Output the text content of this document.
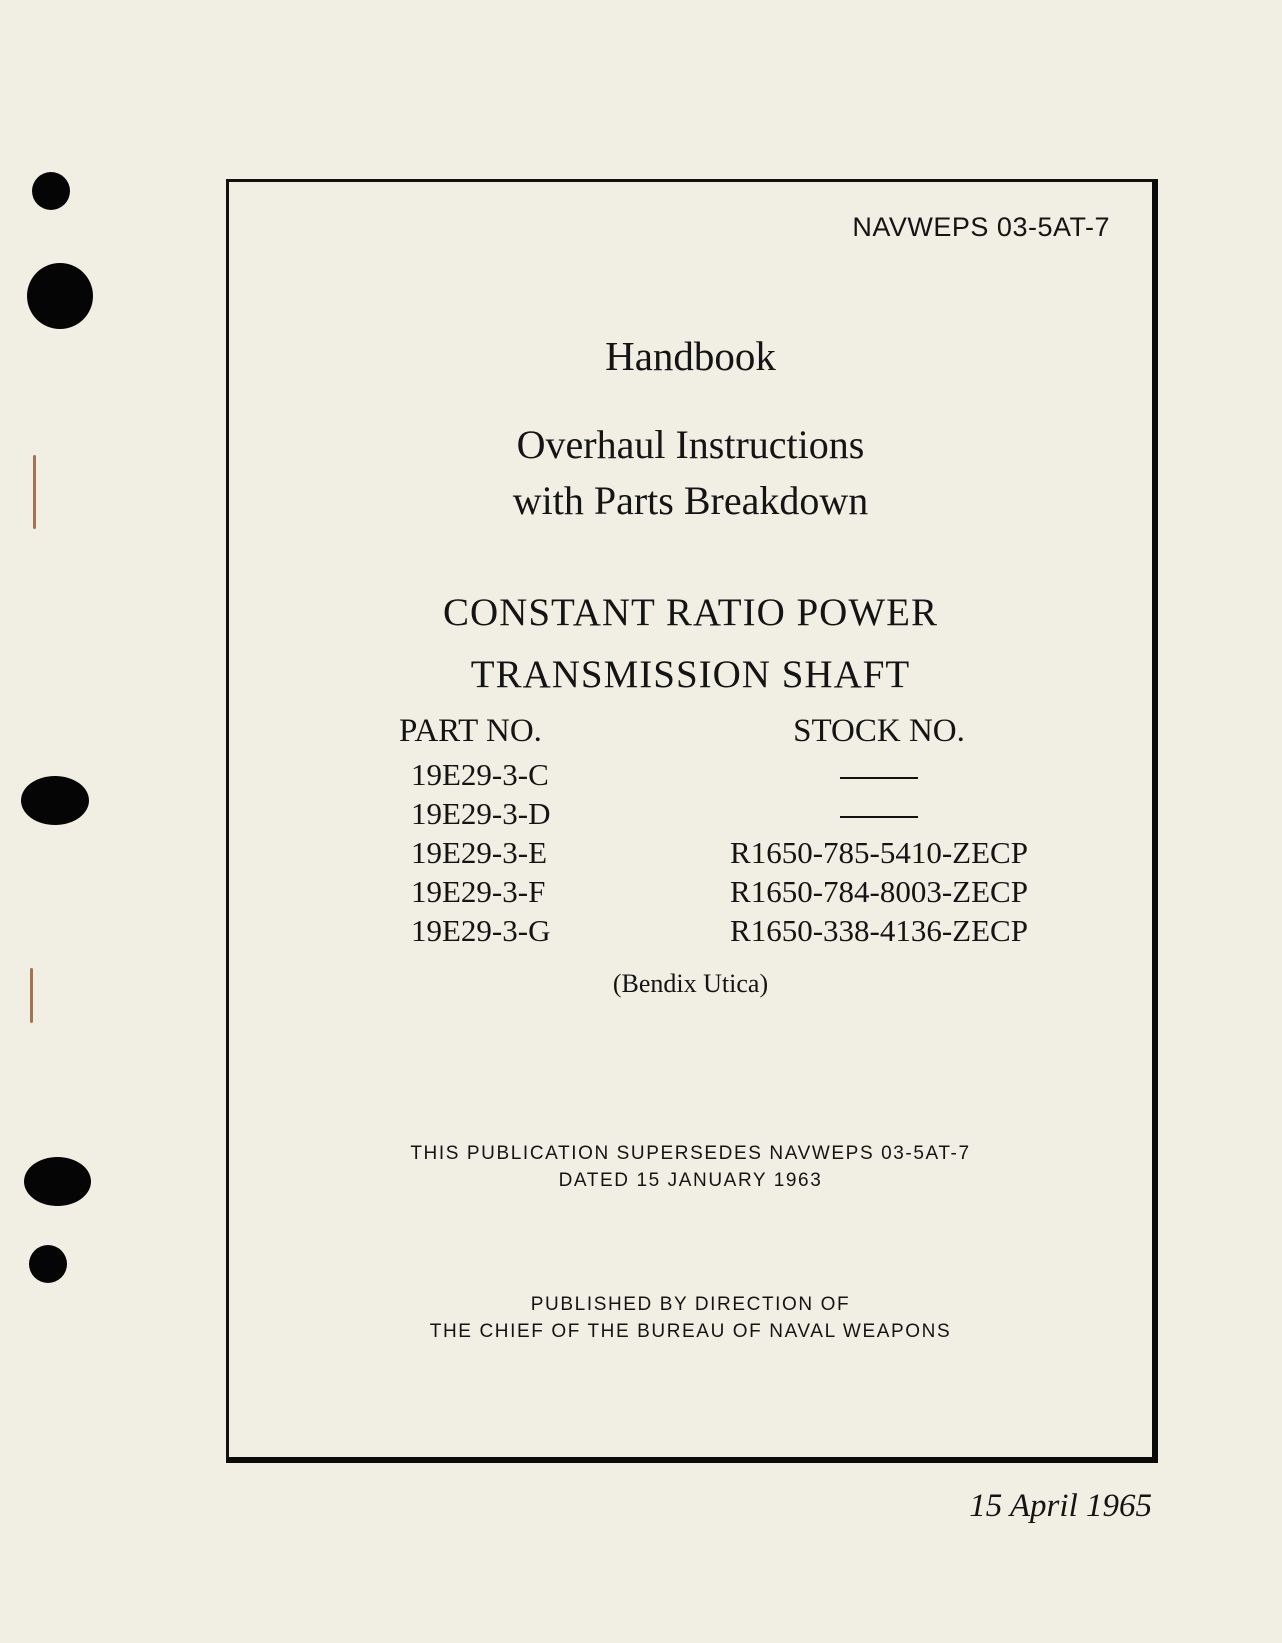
NAVWEPS 03-5AT-7
Handbook
Overhaul Instructions
with Parts Breakdown
CONSTANT RATIO POWER
TRANSMISSION SHAFT
PART NO.
19E29-3-C
19E29-3-D
19E29-3-E
19E29-3-F
19E29-3-G
STOCK NO.
R1650-785-5410-ZECP
R1650-784-8003-ZECP
R1650-338-4136-ZECP
(Bendix Utica)
THIS PUBLICATION SUPERSEDES NAVWEPS 03-5AT-7
DATED 15 JANUARY 1963
PUBLISHED BY DIRECTION OF
THE CHIEF OF THE BUREAU OF NAVAL WEAPONS
15 April 1965
